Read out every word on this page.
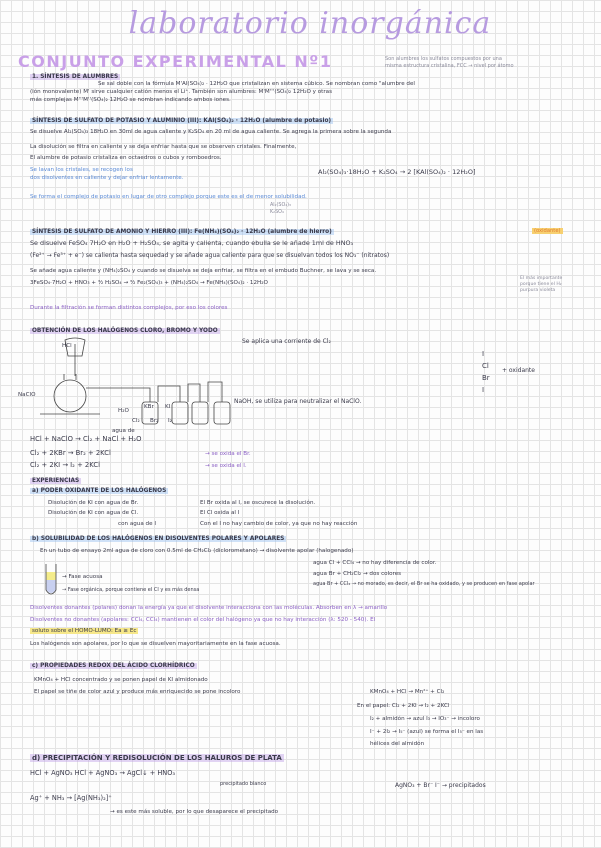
laboratorio inorgánica
CONJUNTO EXPERIMENTAL Nº1	Son alumbres los sulfatos compuestos por una
misma estructura cristalina, FCC → nivel por átomo
1. SÍNTESIS DE ALUMBRES
Se sal doble con la fórmula M'Al(SO₄)₂ · 12H₂O que cristalizan en sistema cúbico. Se nombran como "alumbre del
(ión monovalente) M' sirve cualquier catión menos el Li⁺. También son alumbres: M'M'''(SO₄)₂ 12H₂O y otras
más complejas M'''M''(SO₄)₂ 12H₂O se nombran indicando ambos iones.
SÍNTESIS DE SULFATO DE POTASIO Y ALUMINIO (III): KAl(SO₄)₂ · 12H₂O (alumbre de potasio)
Se disuelve Al₂(SO₄)₃ 18H₂O en 30ml de agua caliente y K₂SO₄ en 20 ml de agua caliente. Se agrega la primera sobre la segunda
La disolución se filtra en caliente y se deja enfriar hasta que se observen cristales. Finalmente,
El alumbre de potasio cristaliza en octaedros o cubos y romboedros.
Se lavan los cristales, se recogen los
dos disolventes en caliente y dejar enfriar lentamente.
Al₂(SO₄)₃·18H₂O + K₂SO₄ → 2 [KAl(SO₄)₂ · 12H₂O]
Se forma el complejo de potasio en lugar de otro complejo porque este es el de menor solubilidad.
Al₂(SO₄)₃
K₂SO₄
SÍNTESIS DE SULFATO DE AMONIO Y HIERRO (III): Fe(NH₄)(SO₄)₂ · 12H₂O (alumbre de hierro)	(oxidante)
Se disuelve FeSO₄ 7H₂O en H₂O + H₂SO₄, se agita y calienta, cuando ebulla se le añade 1ml de HNO₃
(Fe²⁺ → Fe³⁺ + e⁻) se calienta hasta sequedad y se añade agua caliente para que se disuelvan todos los NO₃⁻ (nitratos)
Se añade agua caliente y (NH₄)₂SO₄ y cuando se disuelva se deja enfriar, se filtra en el embudo Buchner, se lava y se seca.
3FeSO₄·7H₂O + HNO₃ + ³⁄₂ H₂SO₄ → ³⁄₂ Fe₂(SO₄)₃ + (NH₄)₂SO₄ → Fe(NH₄)(SO₄)₂ · 12H₂O
Durante la filtración se forman distintos complejos, por eso los colores
El más importante
porque tiene el H₂
purpura violeta
OBTENCIÓN DE LOS HALÓGENOS CLORO, BROMO Y YODO
Se aplica una corriente de Cl₂
HCl
NaClO
KBr KI
agua de
H₂O
Cl₂ Br₂ I₂
NaOH, se utiliza para neutralizar el NaClO.
I
Cl
Br
I
+ oxidante
HCl + NaClO → Cl₂ + NaCl + H₂O
Cl₂ + 2KBr → Br₂ + 2KCl
Cl₂ + 2KI → I₂ + 2KCl
→ se oxida el Br.
→ se oxida el I.
EXPERIENCIAS
a) PODER OXIDANTE DE LOS HALÓGENOS
Disolución de KI con agua de Br.	El Br oxida al I, se oscurece la disolución.
Disolución de KI con agua de Cl.	El Cl oxida al I
con agua de I	Con el I no hay cambio de color, ya que no hay reacción
b) SOLUBILIDAD DE LOS HALÓGENOS EN DISOLVENTES POLARES Y APOLARES
En un tubo de ensayo 2ml agua de cloro con 0.5ml de CH₂Cl₂ (diclorometano) → disolvente apolar (halogenado)
agua Cl + CCl₄ → no hay diferencia de color.
agua Br + CH₂Cl₂ → dos colores
agua Br + CCl₄ → no morado, es decir, el Br se ha oxidado, y se producen en fase apolar
→ Fase acuosa
→ Fase orgánica, porque contiene el Cl y es más densa
Disolventes donantes (polares) donan la energía ya que el disolvente interacciona con las moléculas. Absorben en λ → amarillo
Disolventes no donantes (apolares: CCl₄, CCl₄) mantienen el color del halógeno ya que no hay interacción (λ: 520 - 540). El
soluto sobre el HOMO-LUMO: Ea ≥ Ec
Los halógenos son apolares, por lo que se disuelven mayoritariamente en la fase acuosa.
c) PROPIEDADES REDOX DEL ÁCIDO CLORHÍDRICO
KMnO₄ + HCl concentrado y se ponen papel de KI almidonado
El papel se tiñe de color azul y produce más enriquecido se pone incoloro	KMnO₄ + HCl → Mn²⁺ + Cl₂
En el papel: Cl₂ + 2KI → I₂ + 2KCl
I₂ + almidón → azul I₃ → IO₃⁻ → incoloro
I⁻ + 2I₂ → I₅⁻ (azul) se forma el I₅⁻ en las
hélices del almidón
d) PRECIPITACIÓN Y REDISOLUCIÓN DE LOS HALUROS DE PLATA
HCl + AgNO₃ HCl + AgNO₃ → AgCl↓ + HNO₃
precipitado blanco
Ag⁺ + NH₃ → [Ag(NH₃)₂]⁺
→ es este más soluble, por lo que desaparece el precipitado
AgNO₃ + Br⁻ I⁻ → precipitados
